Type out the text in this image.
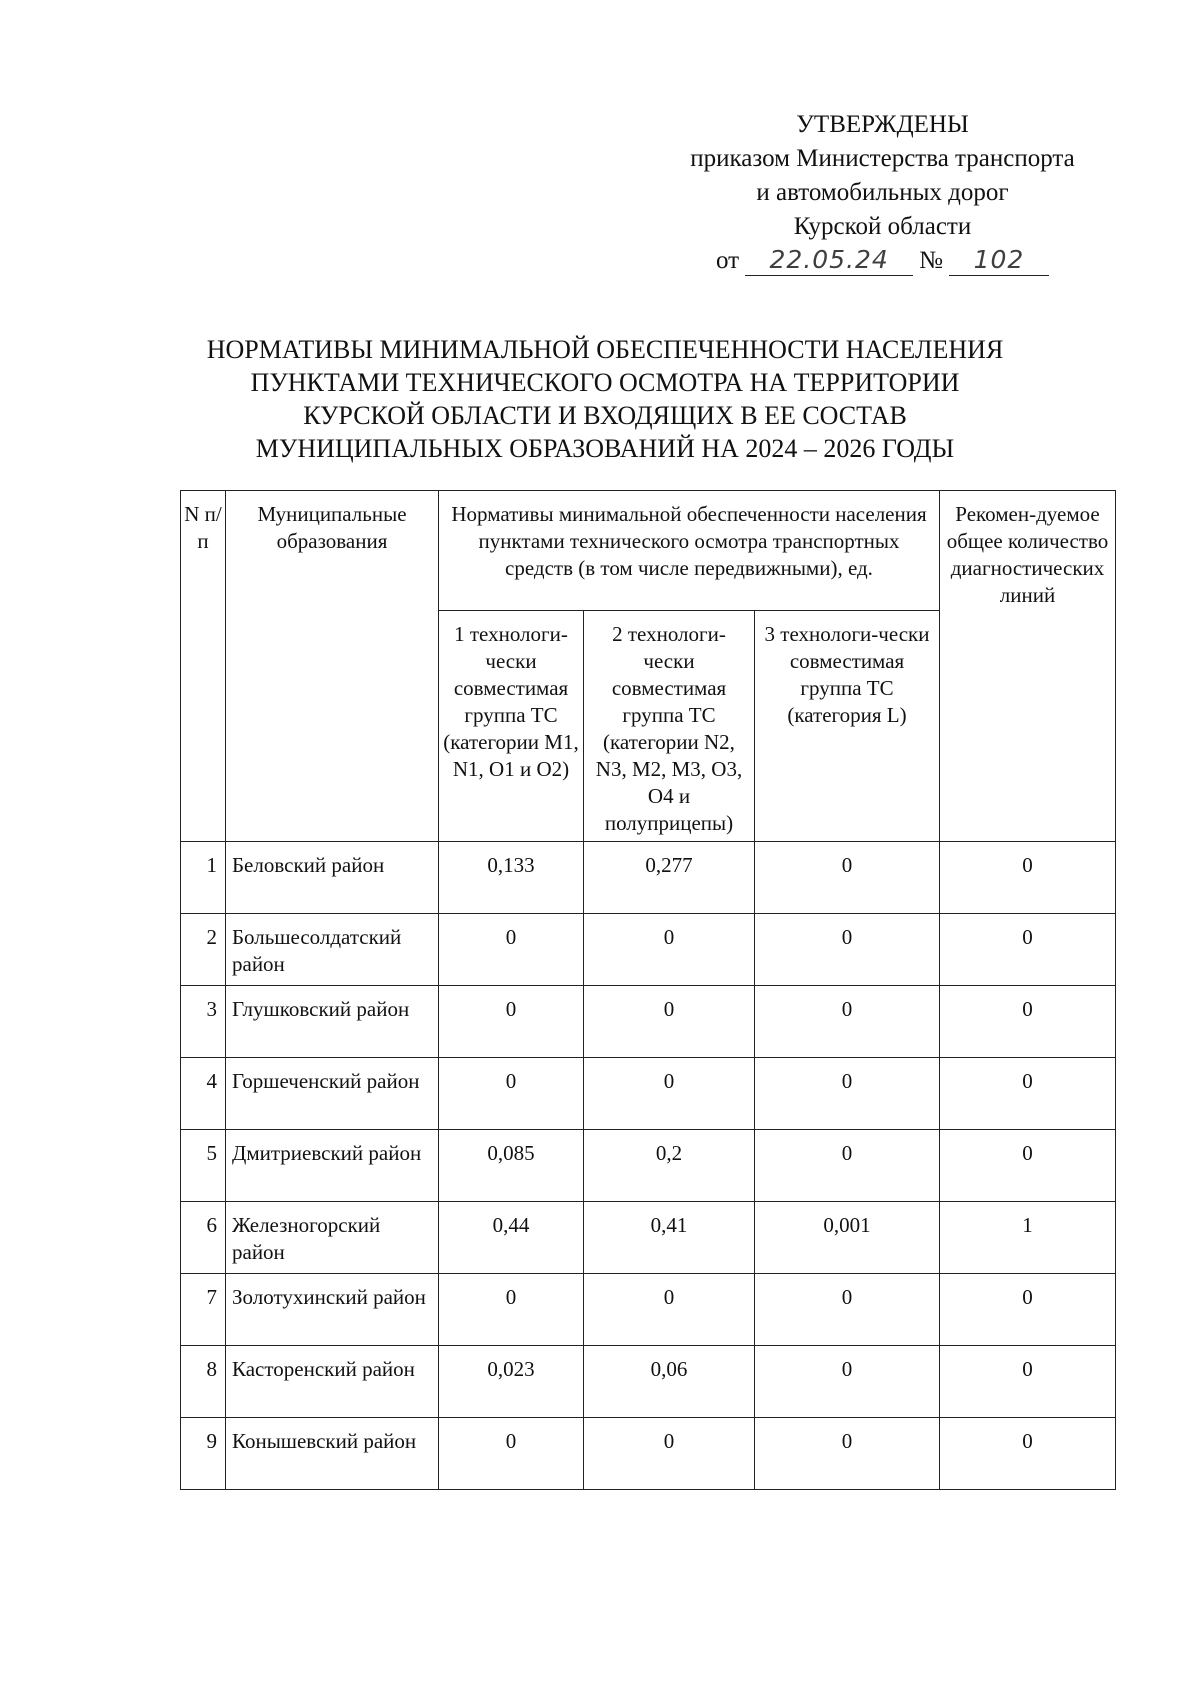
УТВЕРЖДЕНЫ
приказом Министерства транспорта
и автомобильных дорог
Курской области
от 22.05.24 № 102
НОРМАТИВЫ МИНИМАЛЬНОЙ ОБЕСПЕЧЕННОСТИ НАСЕЛЕНИЯ
ПУНКТАМИ ТЕХНИЧЕСКОГО ОСМОТРА НА ТЕРРИТОРИИ
КУРСКОЙ ОБЛАСТИ И ВХОДЯЩИХ В ЕЕ СОСТАВ
МУНИЦИПАЛЬНЫХ ОБРАЗОВАНИЙ НА 2024 – 2026 ГОДЫ
N п/п	Муниципальные образования	Нормативы минимальной обеспеченности населения пунктами технического осмотра транспортных средств (в том числе передвижными), ед.			Рекомен-дуемое общее количество диагностических линий
		1 технологи-чески совместимая группа ТС (категории M1, N1, O1 и O2)	2 технологи-чески совместимая группа ТС (категории N2, N3, M2, M3, O3, O4 и полуприцепы)	3 технологи-чески совместимая группа ТС (категория L)	
1	Беловский район	0,133	0,277	0	0
2	Большесолдатский район	0	0	0	0
3	Глушковский район	0	0	0	0
4	Горшеченский район	0	0	0	0
5	Дмитриевский район	0,085	0,2	0	0
6	Железногорский район	0,44	0,41	0,001	1
7	Золотухинский район	0	0	0	0
8	Касторенский район	0,023	0,06	0	0
9	Конышевский район	0	0	0	0
